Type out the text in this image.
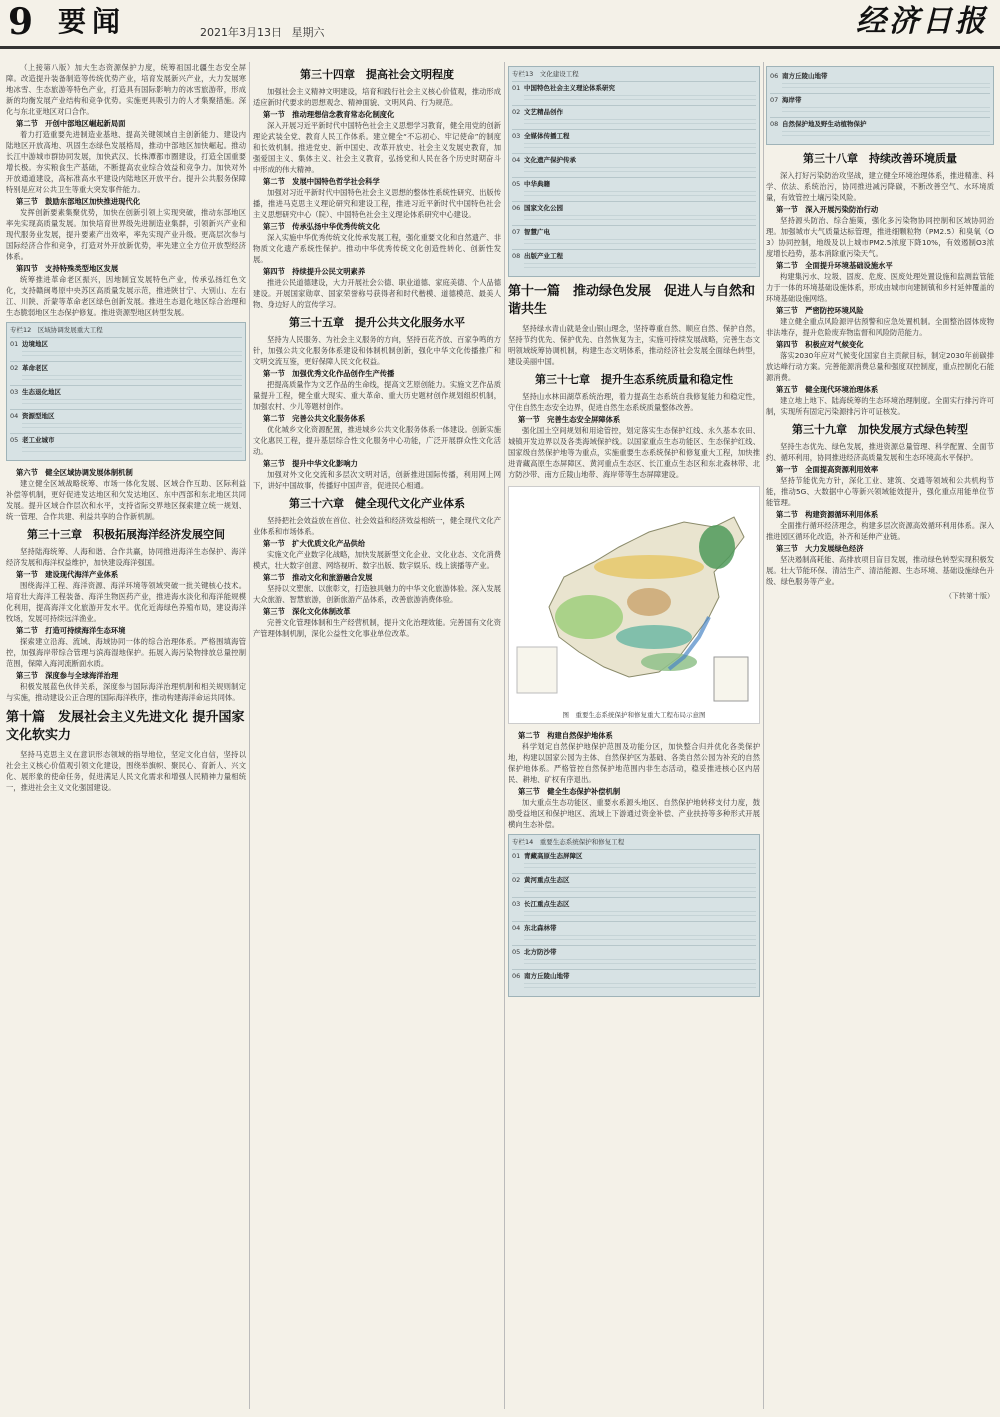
9 要闻	2021年3月13日 星期六	经济日报

（上接第八版）加大生态资源保护力度，统筹祖国北疆生态安全屏障。改造提升装备制造等传统优势产业，培育发展新兴产业，大力发展寒地冰雪、生态旅游等特色产业，打造具有国际影响力的冰雪旅游带，形成新的均衡发展产业结构和竞争优势。实施更具吸引力的人才集聚措施。深化与东北亚地区对口合作。

第二节　开创中部地区崛起新局面

着力打造重要先进制造业基地、提高关键领域自主创新能力、建设内陆地区开放高地、巩固生态绿色发展格局，推动中部地区加快崛起。推动长江中游城市群协同发展，加快武汉、长株潭都市圈建设，打造全国重要增长极。夯实粮食生产基础，不断提高农业综合效益和竞争力。加快对外开放通道建设，高标准高水平建设内陆地区开放平台。提升公共服务保障特别是应对公共卫生等重大突发事件能力。

第三节　鼓励东部地区加快推进现代化

发挥创新要素集聚优势，加快在创新引领上实现突破，推动东部地区率先实现高质量发展。加快培育世界级先进制造业集群，引领新兴产业和现代服务业发展，提升要素产出效率，率先实现产业升级。更高层次参与国际经济合作和竞争，打造对外开放新优势，率先建立全方位开放型经济体系。

第四节　支持特殊类型地区发展

统筹推进革命老区振兴，因地制宜发展特色产业，传承弘扬红色文化，支持赣闽粤原中央苏区高质量发展示范，推进陕甘宁、大别山、左右江、川陕、沂蒙等革命老区绿色创新发展。推进生态退化地区综合治理和生态脆弱地区生态保护修复。推进资源型地区转型发展。

专栏12　区域协调发展重大工程
01 边境地区
02 革命老区
03 生态退化地区
04 资源型地区
05 老工业城市
第六节　健全区域协调发展体制机制

建立健全区域战略统筹、市场一体化发展、区域合作互助、区际利益补偿等机制，更好促进发达地区和欠发达地区、东中西部和东北地区共同发展。提升区域合作层次和水平，支持省际交界地区探索建立统一规划、统一管理、合作共建、利益共享的合作新机制。

第三十三章　积极拓展海洋经济发展空间

坚持陆海统筹、人海和谐、合作共赢，协同推进海洋生态保护、海洋经济发展和海洋权益维护，加快建设海洋强国。

第一节　建设现代海洋产业体系

围绕海洋工程、海洋资源、海洋环境等领域突破一批关键核心技术。培育壮大海洋工程装备、海洋生物医药产业，推进海水淡化和海洋能规模化利用，提高海洋文化旅游开发水平。优化近海绿色养殖布局，建设海洋牧场，发展可持续远洋渔业。

第二节　打造可持续海洋生态环境

探索建立沿海、流域、海域协同一体的综合治理体系。严格围填海管控，加强海岸带综合管理与滨海湿地保护。拓展入海污染物排放总量控制范围，保障入海河流断面水质。

第三节　深度参与全球海洋治理

积极发展蓝色伙伴关系，深度参与国际海洋治理机制和相关规则制定与实施，推动建设公正合理的国际海洋秩序，推动构建海洋命运共同体。

第十篇　发展社会主义先进文化 提升国家文化软实力

坚持马克思主义在意识形态领域的指导地位，坚定文化自信，坚持以社会主义核心价值观引领文化建设，围绕举旗帜、聚民心、育新人、兴文化、展形象的使命任务，促进满足人民文化需求和增强人民精神力量相统一，推进社会主义文化强国建设。

第三十四章　提高社会文明程度

加强社会主义精神文明建设，培育和践行社会主义核心价值观，推动形成适应新时代要求的思想观念、精神面貌、文明风尚、行为规范。

第一节　推动理想信念教育常态化制度化

深入开展习近平新时代中国特色社会主义思想学习教育，健全用党的创新理论武装全党、教育人民工作体系。建立健全“不忘初心、牢记使命”的制度和长效机制。推进党史、新中国史、改革开放史、社会主义发展史教育，加强爱国主义、集体主义、社会主义教育，弘扬党和人民在各个历史时期奋斗中形成的伟大精神。

第二节　发展中国特色哲学社会科学

加强对习近平新时代中国特色社会主义思想的整体性系统性研究、出版传播，推进马克思主义理论研究和建设工程，推进习近平新时代中国特色社会主义思想研究中心（院）、中国特色社会主义理论体系研究中心建设。

第三节　传承弘扬中华优秀传统文化

深入实施中华优秀传统文化传承发展工程，强化重要文化和自然遗产、非物质文化遗产系统性保护。推动中华优秀传统文化创造性转化、创新性发展。

第四节　持续提升公民文明素养

推进公民道德建设，大力开展社会公德、职业道德、家庭美德、个人品德建设。开展国家勋章、国家荣誉称号获得者和时代楷模、道德模范、最美人物、身边好人的宣传学习。

第三十五章　提升公共文化服务水平

坚持为人民服务、为社会主义服务的方向，坚持百花齐放、百家争鸣的方针，加强公共文化服务体系建设和体制机制创新，强化中华文化传播推广和文明交流互鉴，更好保障人民文化权益。

第一节　加强优秀文化作品创作生产传播

把提高质量作为文艺作品的生命线，提高文艺原创能力。实施文艺作品质量提升工程，健全重大现实、重大革命、重大历史题材创作规划组织机制，加强农村、少儿等题材创作。

第二节　完善公共文化服务体系

优化城乡文化资源配置，推进城乡公共文化服务体系一体建设。创新实施文化惠民工程，提升基层综合性文化服务中心功能，广泛开展群众性文化活动。

第三节　提升中华文化影响力

加强对外文化交流和多层次文明对话，创新推进国际传播，利用网上网下，讲好中国故事，传播好中国声音，促进民心相通。

第三十六章　健全现代文化产业体系

坚持把社会效益放在首位、社会效益和经济效益相统一，健全现代文化产业体系和市场体系。

第一节　扩大优质文化产品供给

实施文化产业数字化战略，加快发展新型文化企业、文化业态、文化消费模式，壮大数字创意、网络视听、数字出版、数字娱乐、线上演播等产业。

第二节　推动文化和旅游融合发展

坚持以文塑旅、以旅彰文，打造独具魅力的中华文化旅游体验。深入发展大众旅游、智慧旅游，创新旅游产品体系，改善旅游消费体验。

第三节　深化文化体制改革

完善文化管理体制和生产经营机制，提升文化治理效能。完善国有文化资产管理体制机制，深化公益性文化事业单位改革。

专栏13　文化建设工程
01 中国特色社会主义理论体系研究
02 文艺精品创作
03 全媒体传播工程
04 文化遗产保护传承
05 中华典籍
06 国家文化公园
07 智慧广电
08 出版产业工程
第十一篇　推动绿色发展　促进人与自然和谐共生

坚持绿水青山就是金山银山理念，坚持尊重自然、顺应自然、保护自然，坚持节约优先、保护优先、自然恢复为主，实施可持续发展战略，完善生态文明领域统筹协调机制，构建生态文明体系，推动经济社会发展全面绿色转型，建设美丽中国。

第三十七章　提升生态系统质量和稳定性

坚持山水林田湖草系统治理，着力提高生态系统自我修复能力和稳定性，守住自然生态安全边界，促进自然生态系统质量整体改善。

第一节　完善生态安全屏障体系

强化国土空间规划和用途管控，划定落实生态保护红线、永久基本农田、城镇开发边界以及各类海域保护线。以国家重点生态功能区、生态保护红线、国家级自然保护地等为重点，实施重要生态系统保护和修复重大工程，加快推进青藏高原生态屏障区、黄河重点生态区、长江重点生态区和东北森林带、北方防沙带、南方丘陵山地带、海岸带等生态屏障建设。

图　重要生态系统保护和修复重大工程布局示意图
第二节　构建自然保护地体系

科学划定自然保护地保护范围及功能分区，加快整合归并优化各类保护地，构建以国家公园为主体、自然保护区为基础、各类自然公园为补充的自然保护地体系。严格管控自然保护地范围内非生态活动，稳妥推进核心区内居民、耕地、矿权有序退出。

第三节　健全生态保护补偿机制

加大重点生态功能区、重要水系源头地区、自然保护地转移支付力度，鼓励受益地区和保护地区、流域上下游通过资金补偿、产业扶持等多种形式开展横向生态补偿。

专栏14　重要生态系统保护和修复工程
01 青藏高原生态屏障区
02 黄河重点生态区
03 长江重点生态区
04 东北森林带
05 北方防沙带
06 南方丘陵山地带
06 南方丘陵山地带
07 海岸带
08 自然保护地及野生动植物保护
第三十八章　持续改善环境质量

深入打好污染防治攻坚战，建立健全环境治理体系，推进精准、科学、依法、系统治污，协同推进减污降碳，不断改善空气、水环境质量，有效管控土壤污染风险。

第一节　深入开展污染防治行动

坚持源头防治、综合施策，强化多污染物协同控制和区域协同治理。加强城市大气质量达标管理，推进细颗粒物（PM2.5）和臭氧（O3）协同控制，地级及以上城市PM2.5浓度下降10%，有效遏制O3浓度增长趋势，基本消除重污染天气。

第二节　全面提升环境基础设施水平

构建集污水、垃圾、固废、危废、医废处理处置设施和监测监管能力于一体的环境基础设施体系，形成由城市向建制镇和乡村延伸覆盖的环境基础设施网络。

第三节　严密防控环境风险

建立健全重点风险源评估预警和应急处置机制。全面整治固体废物非法堆存，提升危险废弃物监督和风险防范能力。

第四节　积极应对气候变化

落实2030年应对气候变化国家自主贡献目标，制定2030年前碳排放达峰行动方案。完善能源消费总量和强度双控制度，重点控制化石能源消费。

第五节　健全现代环境治理体系

建立地上地下、陆海统筹的生态环境治理制度。全面实行排污许可制，实现所有固定污染源排污许可证核发。

第三十九章　加快发展方式绿色转型

坚持生态优先、绿色发展，推进资源总量管理、科学配置、全面节约、循环利用，协同推进经济高质量发展和生态环境高水平保护。

第一节　全面提高资源利用效率

坚持节能优先方针，深化工业、建筑、交通等领域和公共机构节能，推动5G、大数据中心等新兴领域能效提升，强化重点用能单位节能管理。

第二节　构建资源循环利用体系

全面推行循环经济理念，构建多层次资源高效循环利用体系。深入推进园区循环化改造，补齐和延伸产业链。

第三节　大力发展绿色经济

坚决遏制高耗能、高排放项目盲目发展，推动绿色转型实现积极发展。壮大节能环保、清洁生产、清洁能源、生态环境、基础设施绿色升级、绿色服务等产业。

（下转第十版）
